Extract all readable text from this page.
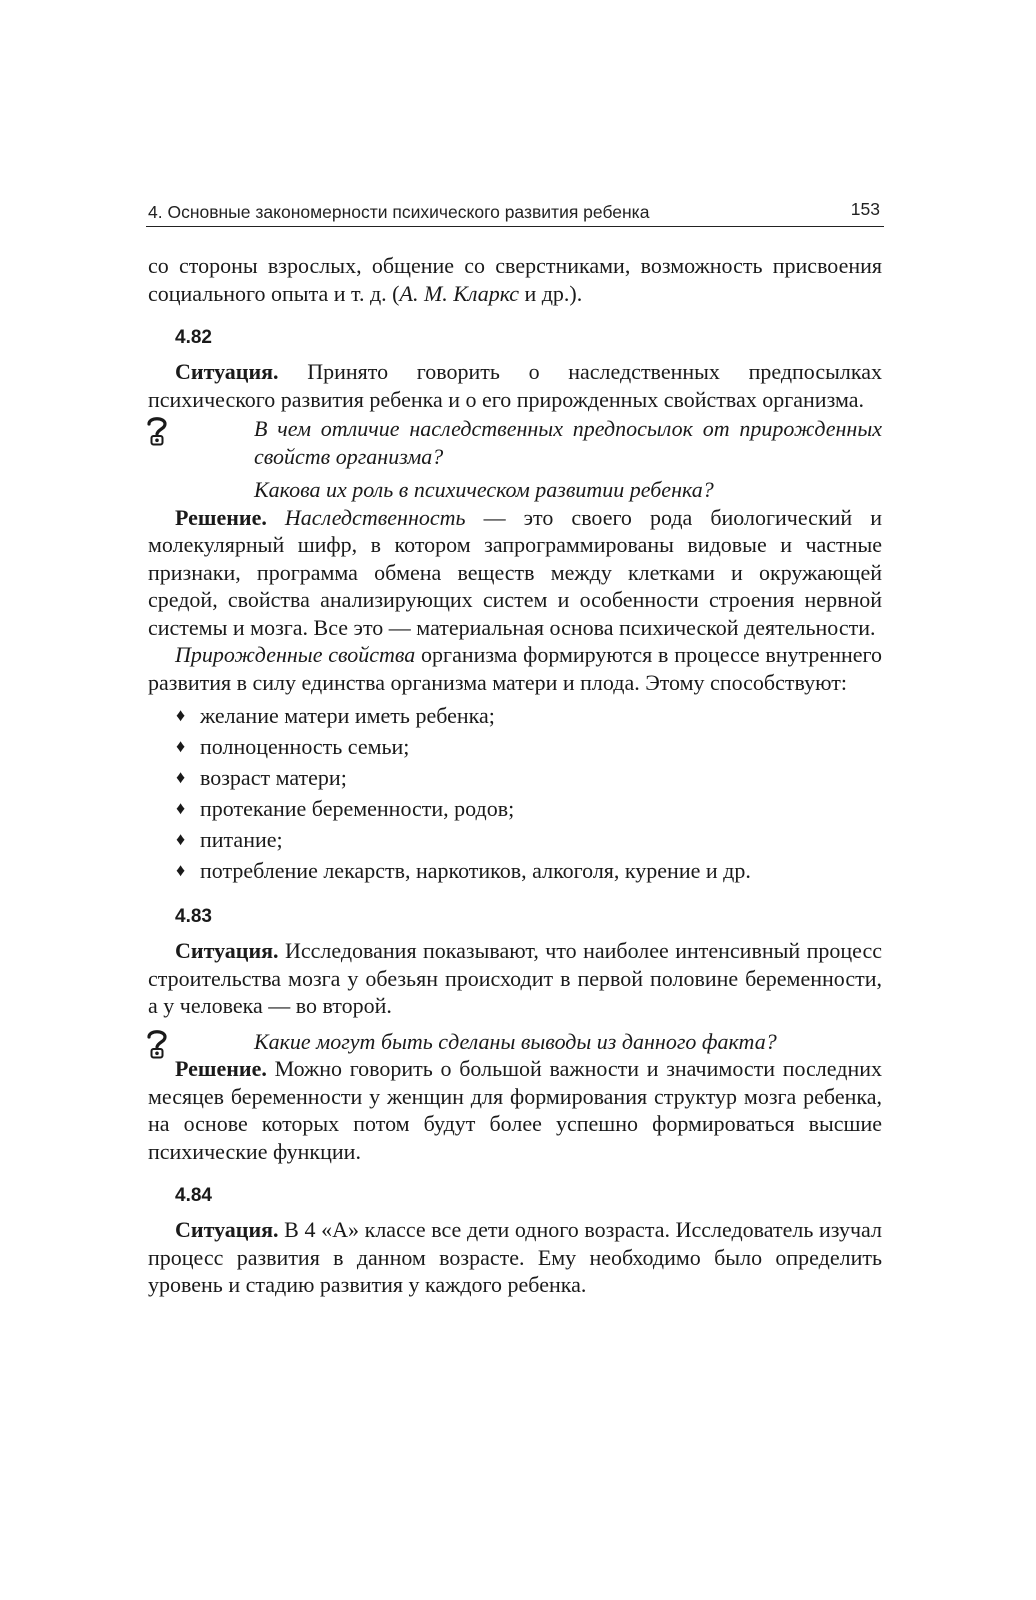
4. Основные закономерности психического развития ребенка	153

со стороны взрослых, общение со сверстниками, возможность присвоения социального опыта и т. д. (А. М. Кларкс и др.).

4.82

Ситуация. Принято говорить о наследственных предпосылках психического развития ребенка и о его прирожденных свойствах организма.

В чем отличие наследственных предпосылок от прирожденных свойств организма?

Какова их роль в психическом развитии ребенка?

Решение. Наследственность — это своего рода биологический и молекулярный шифр, в котором запрограммированы видовые и частные признаки, программа обмена веществ между клетками и окружающей средой, свойства анализирующих систем и особенности строения нервной системы и мозга. Все это — материальная основа психической деятельности.

Прирожденные свойства организма формируются в процессе внутреннего развития в силу единства организма матери и плода. Этому способствуют:

♦ желание матери иметь ребенка;
♦ полноценность семьи;
♦ возраст матери;
♦ протекание беременности, родов;
♦ питание;
♦ потребление лекарств, наркотиков, алкоголя, курение и др.
4.83

Ситуация. Исследования показывают, что наиболее интенсивный процесс строительства мозга у обезьян происходит в первой половине беременности, а у человека — во второй.

Какие могут быть сделаны выводы из данного факта?

Решение. Можно говорить о большой важности и значимости последних месяцев беременности у женщин для формирования структур мозга ребенка, на основе которых потом будут более успешно формироваться высшие психические функции.

4.84

Ситуация. В 4 «А» классе все дети одного возраста. Исследователь изучал процесс развития в данном возрасте. Ему необходимо было определить уровень и стадию развития у каждого ребенка.
